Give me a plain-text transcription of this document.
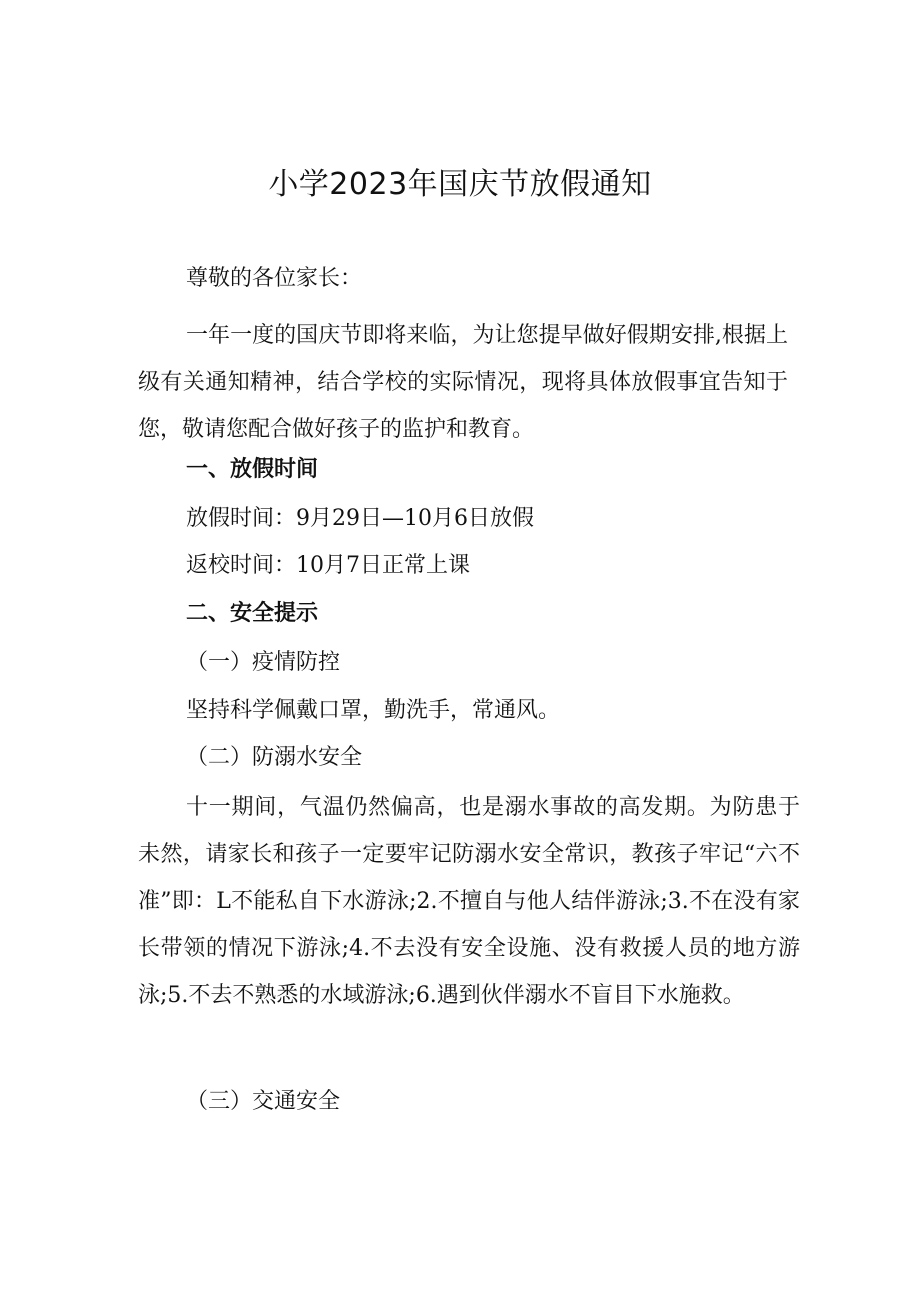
小学2023年国庆节放假通知

尊敬的各位家长：

一年一度的国庆节即将来临，为让您提早做好假期安排,根据上级有关通知精神，结合学校的实际情况，现将具体放假事宜告知于您，敬请您配合做好孩子的监护和教育。

一、放假时间

放假时间：9月29日—10月6日放假

返校时间：10月7日正常上课

二、安全提示

（一）疫情防控

坚持科学佩戴口罩，勤洗手，常通风。

（二）防溺水安全

十一期间，气温仍然偏高，也是溺水事故的高发期。为防患于未然，请家长和孩子一定要牢记防溺水安全常识，教孩子牢记“六不准”即：L不能私自下水游泳;2.不擅自与他人结伴游泳;3.不在没有家长带领的情况下游泳;4.不去没有安全设施、没有救援人员的地方游泳;5.不去不熟悉的水域游泳;6.遇到伙伴溺水不盲目下水施救。

（三）交通安全
